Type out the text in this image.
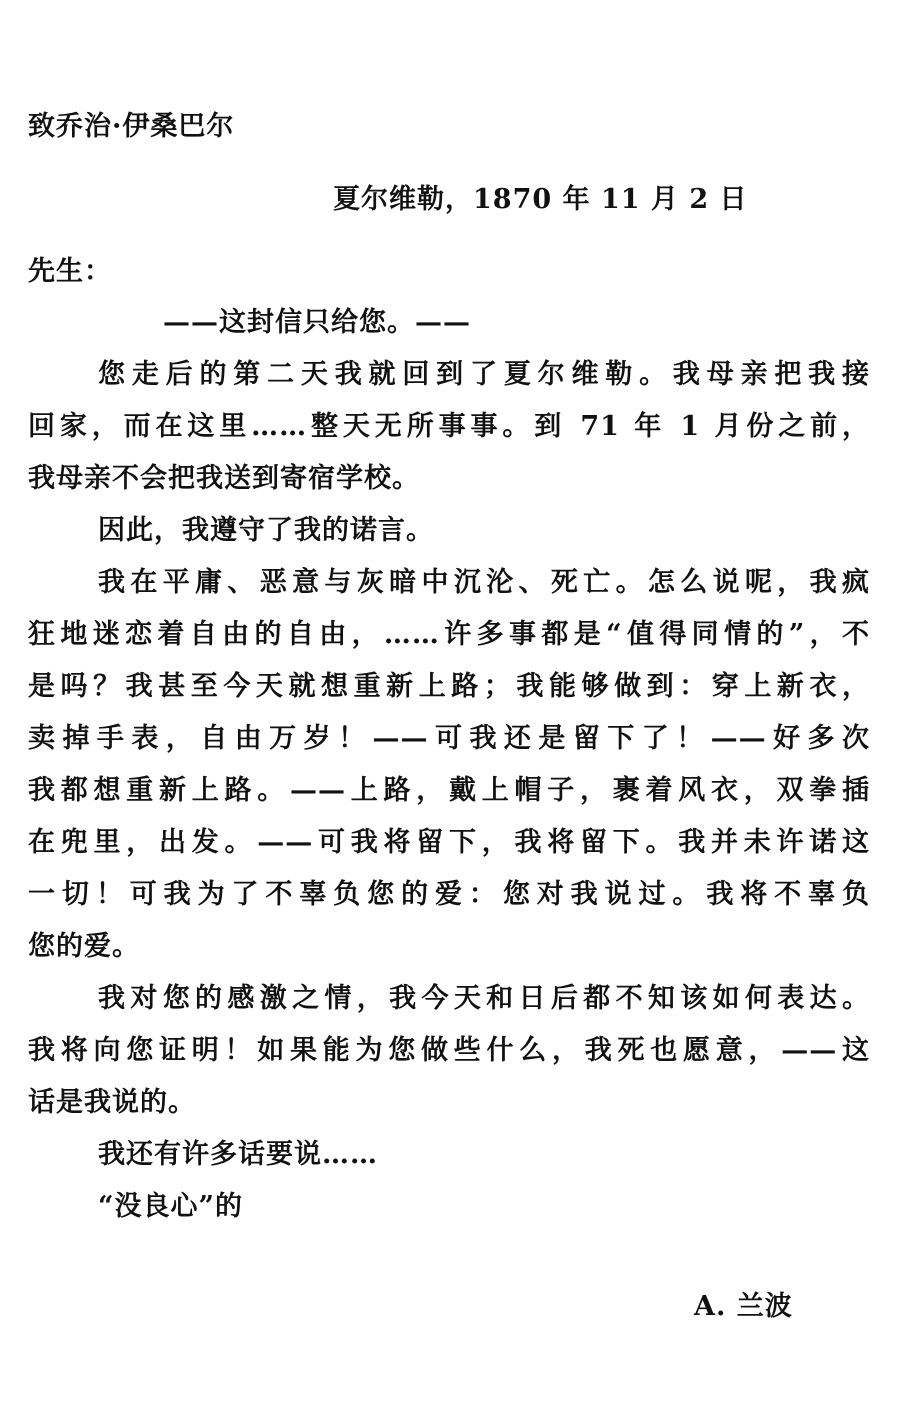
致乔治·伊桑巴尔
夏尔维勒，1870 年 11 月 2 日
先生：
——这封信只给您。——
您走后的第二天我就回到了夏尔维勒。我母亲把我接
回家，而在这里……整天无所事事。到 71 年 1 月份之前，
我母亲不会把我送到寄宿学校。
因此，我遵守了我的诺言。
我在平庸、恶意与灰暗中沉沦、死亡。怎么说呢，我疯
狂地迷恋着自由的自由，……许多事都是“值得同情的”，不
是吗？我甚至今天就想重新上路；我能够做到：穿上新衣，
卖掉手表，自由万岁！——可我还是留下了！——好多次
我都想重新上路。——上路，戴上帽子，裹着风衣，双拳插
在兜里，出发。——可我将留下，我将留下。我并未许诺这
一切！可我为了不辜负您的爱：您对我说过。我将不辜负
您的爱。
我对您的感激之情，我今天和日后都不知该如何表达。
我将向您证明！如果能为您做些什么，我死也愿意，——这
话是我说的。
我还有许多话要说……
“没良心”的
A. 兰波
